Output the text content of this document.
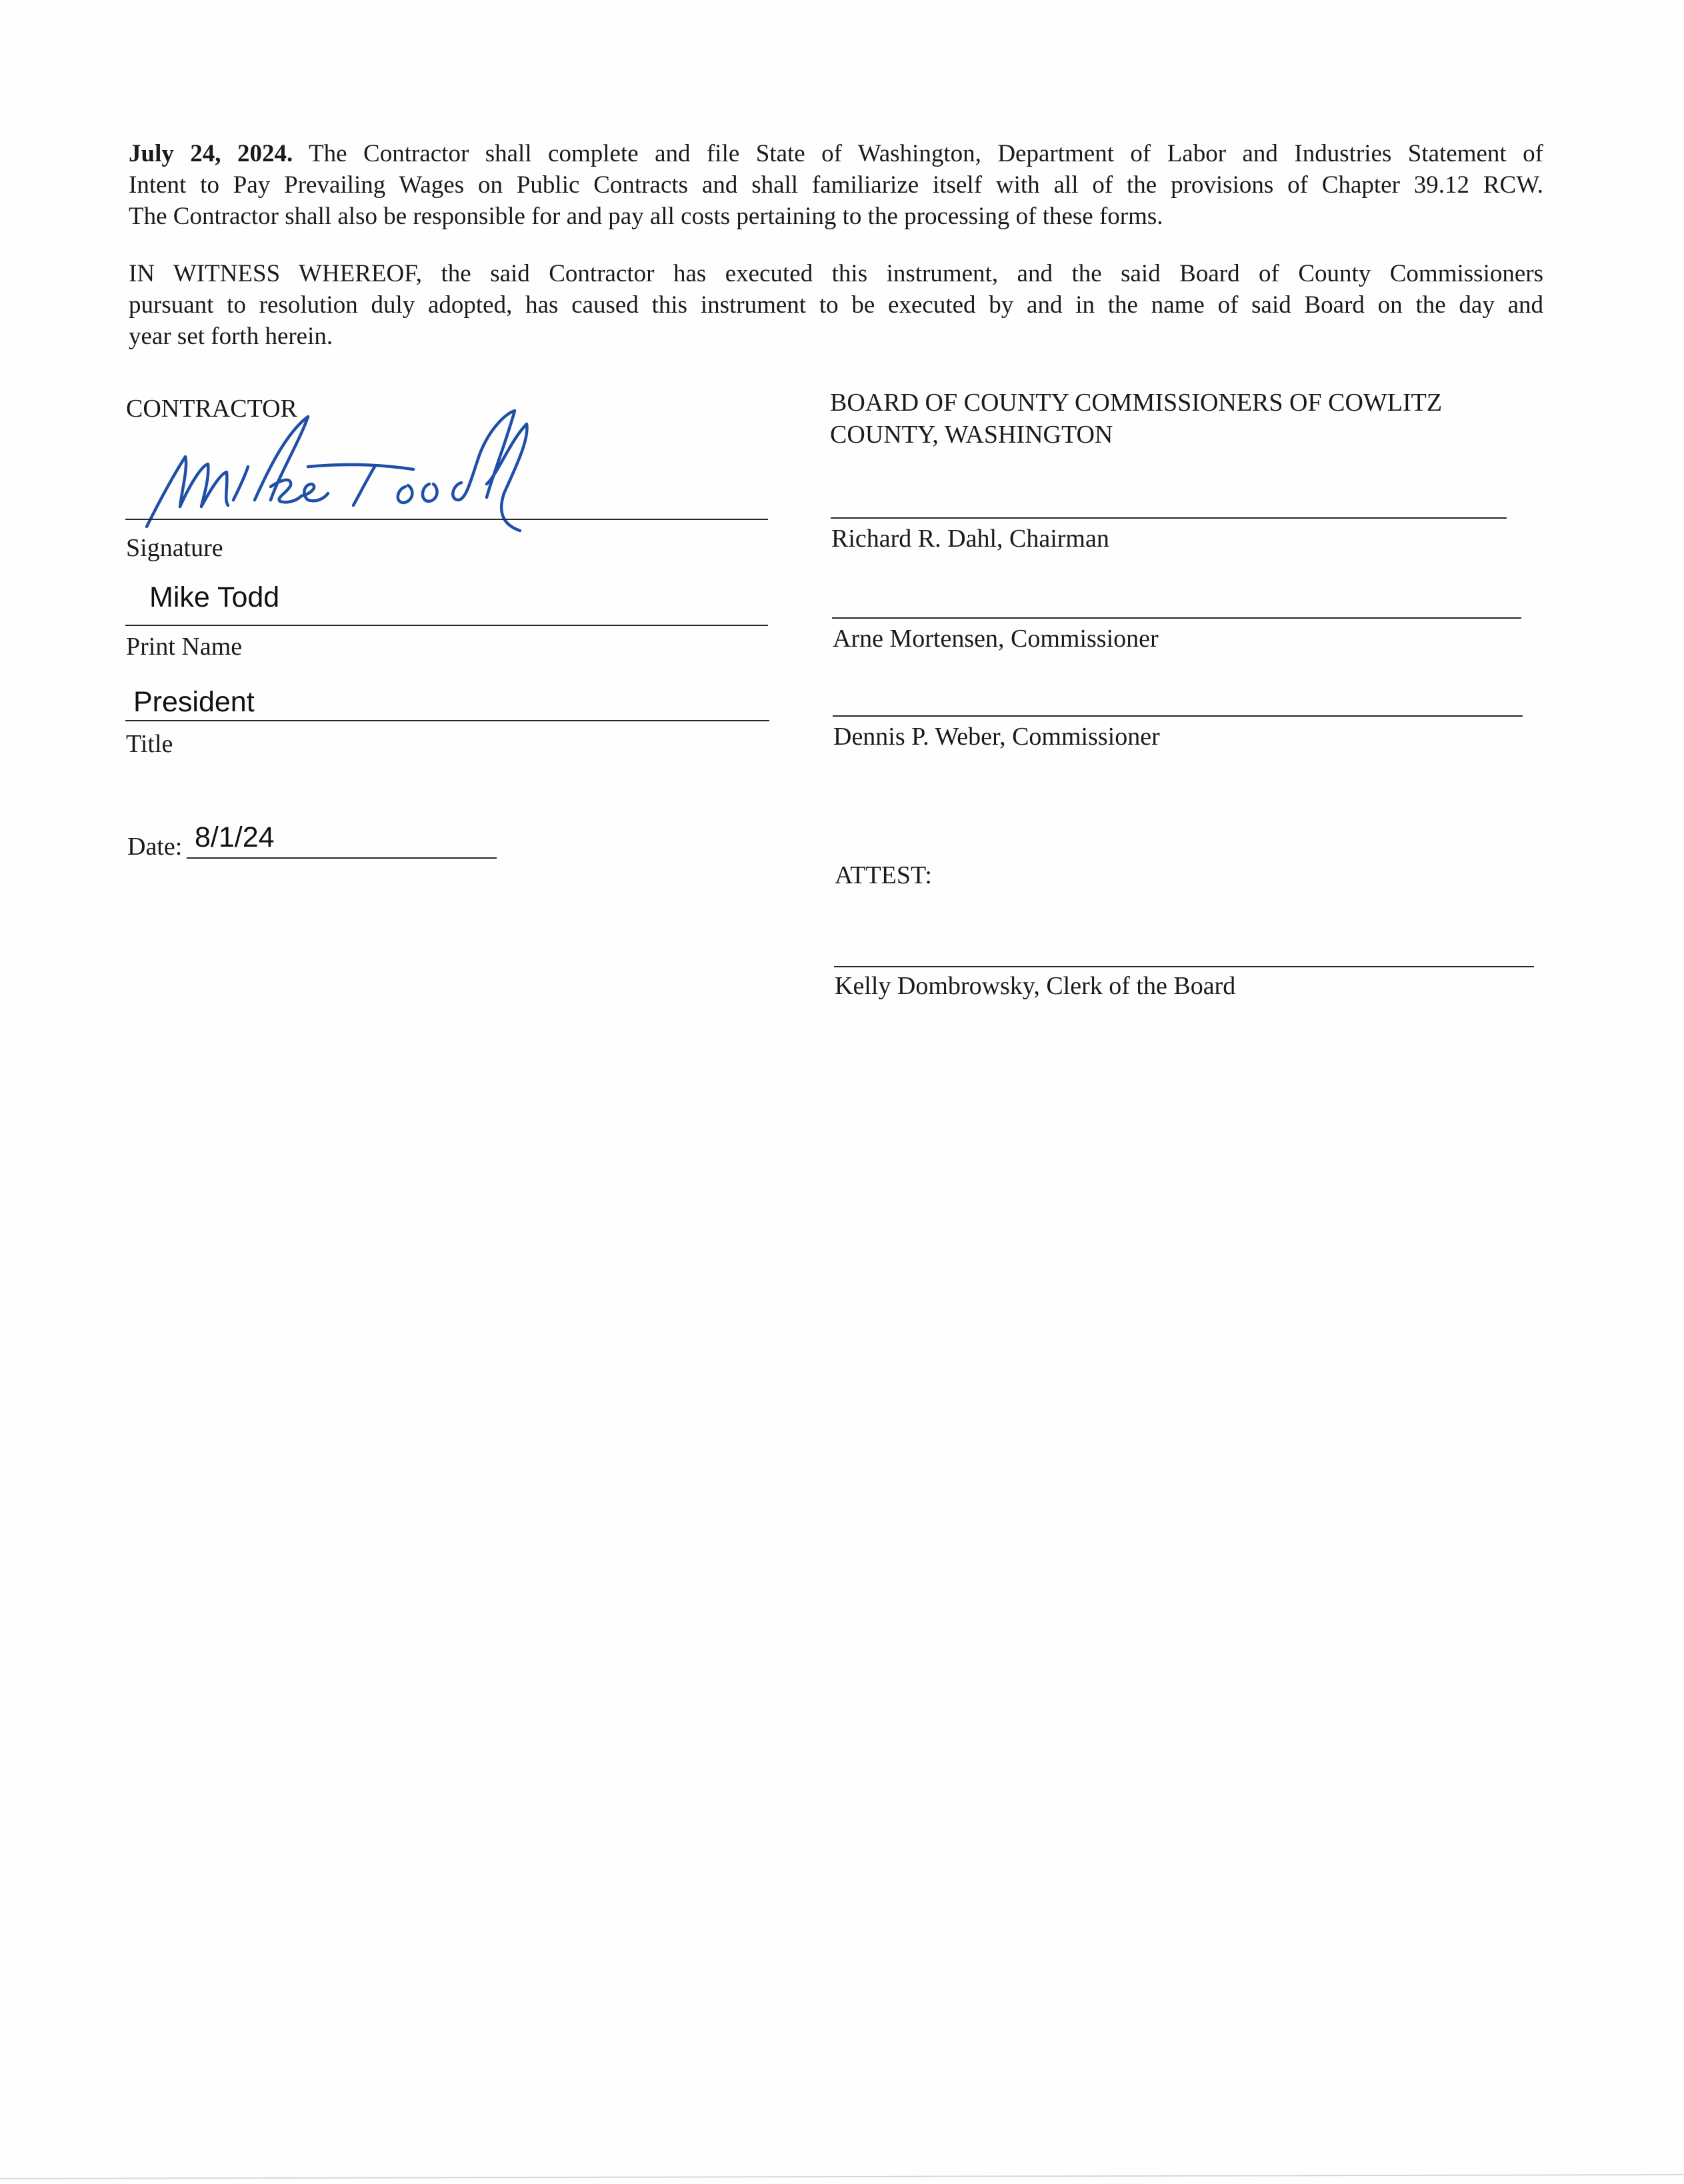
July 24, 2024. The Contractor shall complete and file State of Washington, Department of Labor and Industries Statement of
Intent to Pay Prevailing Wages on Public Contracts and shall familiarize itself with all of the provisions of Chapter 39.12 RCW.
The Contractor shall also be responsible for and pay all costs pertaining to the processing of these forms.
IN WITNESS WHEREOF, the said Contractor has executed this instrument, and the said Board of County Commissioners
pursuant to resolution duly adopted, has caused this instrument to be executed by and in the name of said Board on the day and
year set forth herein.
CONTRACTOR
Signature
Mike Todd
Print Name
President
Title
Date: 8/1/24
BOARD OF COUNTY COMMISSIONERS OF COWLITZ
COUNTY, WASHINGTON
Richard R. Dahl, Chairman
Arne Mortensen, Commissioner
Dennis P. Weber, Commissioner
ATTEST:
Kelly Dombrowsky, Clerk of the Board
